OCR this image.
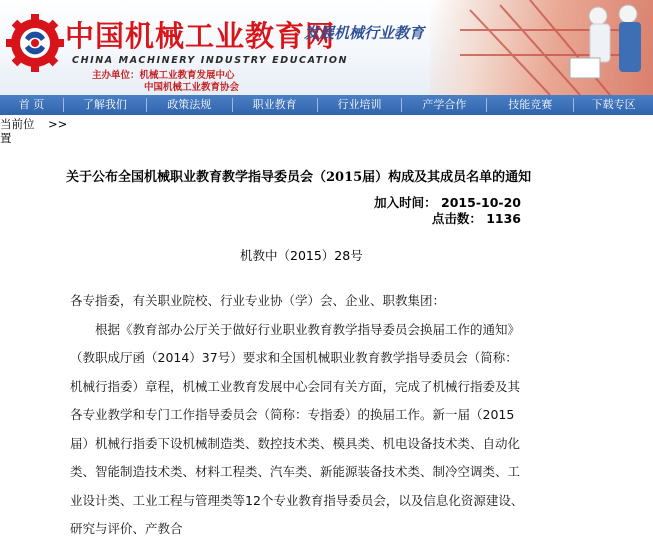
中国机械工业教育网
发展机械行业教育
CHINA MACHINERY INDUSTRY EDUCATION
主办单位：机械工业教育发展中心
中国机械工业教育协会
首 页	了解我们	政策法规	职业教育	行业培训	产学合作	技能竞赛	下载专区
当前位
置
>>
关于公布全国机械职业教育教学指导委员会（2015届）构成及其成员名单的通知
加入时间： 2015-10-20
点击数： 1136
机教中（2015）28号

各专指委，有关职业院校、行业专业协（学）会、企业、职教集团：

根据《教育部办公厅关于做好行业职业教育教学指导委员会换届工作的通知》（教职成厅函（2014）37号）要求和全国机械职业教育教学指导委员会（简称：机械行指委）章程，机械工业教育发展中心会同有关方面，完成了机械行指委及其各专业教学和专门工作指导委员会（简称：专指委）的换届工作。新一届（2015届）机械行指委下设机械制造类、数控技术类、模具类、机电设备技术类、自动化类、智能制造技术类、材料工程类、汽车类、新能源装备技术类、制冷空调类、工业设计类、工业工程与管理类等12个专业教育指导委员会，以及信息化资源建设、研究与评价、产教合
